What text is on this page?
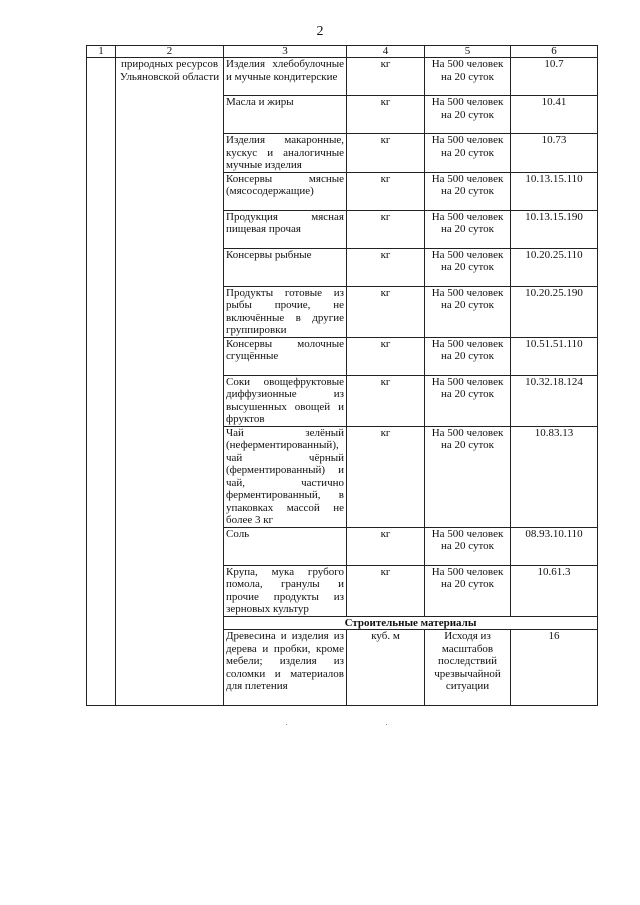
2
1	2	3	4	5	6
	природных ресурсов Ульяновской области	Изделия хлебобулочные и мучные кондитерские	кг	На 500 человек на 20 суток	10.7
		Масла и жиры	кг	На 500 человек на 20 суток	10.41
		Изделия макаронные, кускус и аналогичные мучные изделия	кг	На 500 человек на 20 суток	10.73
		Консервы мясные (мясосодержащие)	кг	На 500 человек на 20 суток	10.13.15.110
		Продукция мясная пищевая прочая	кг	На 500 человек на 20 суток	10.13.15.190
		Консервы рыбные	кг	На 500 человек на 20 суток	10.20.25.110
		Продукты готовые из рыбы прочие, не включённые в другие группировки	кг	На 500 человек на 20 суток	10.20.25.190
		Консервы молочные сгущённые	кг	На 500 человек на 20 суток	10.51.51.110
		Соки овощефруктовые диффузионные из высушенных овощей и фруктов	кг	На 500 человек на 20 суток	10.32.18.124
		Чай зелёный (неферментированный), чай чёрный (ферментированный) и чай, частично ферментированный, в упаковках массой не более 3 кг	кг	На 500 человек на 20 суток	10.83.13
		Соль	кг	На 500 человек на 20 суток	08.93.10.110
		Крупа, мука грубого помола, гранулы и прочие продукты из зерновых культур	кг	На 500 человек на 20 суток	10.61.3
		Строительные материалы			
		Древесина и изделия из дерева и пробки, кроме мебели; изделия из соломки и материалов для плетения	куб. м	Исходя из масштабов последствий чрезвычайной ситуации	16
